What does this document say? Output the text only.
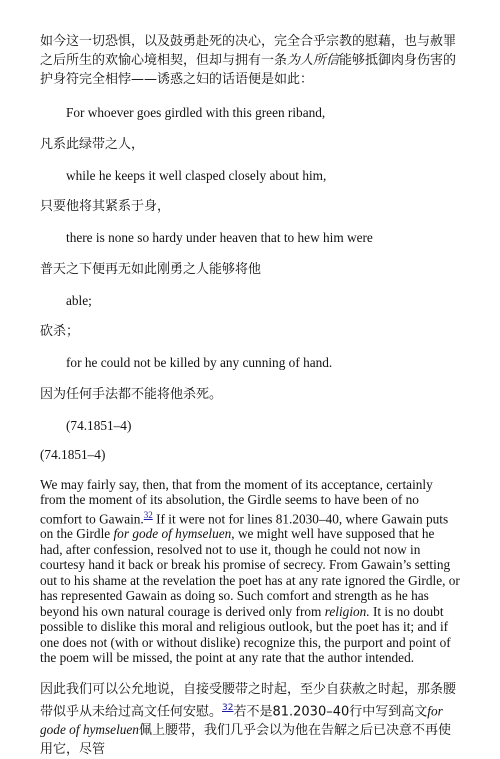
如今这一切恐惧，以及鼓勇赴死的决心，完全合乎宗教的慰藉，也与赦罪之后所生的欢愉心境相契，但却与拥有一条为人所信能够抵御肉身伤害的护身符完全相悖——诱惑之妇的话语便是如此：

For whoever goes girdled with this green riband,

凡系此绿带之人，

while he keeps it well clasped closely about him,

只要他将其紧系于身，

there is none so hardy under heaven that to hew him were

普天之下便再无如此刚勇之人能够将他

able;

砍杀；

for he could not be killed by any cunning of hand.

因为任何手法都不能将他杀死。

(74.1851–4)

(74.1851–4)

We may fairly say, then, that from the moment of its acceptance, certainly from the moment of its absolution, the Girdle seems to have been of no comfort to Gawain.$^{32}$ If it were not for lines 81.2030–40, where Gawain puts on the Girdle for gode of hymseluen, we might well have supposed that he had, after confession, resolved not to use it, though he could not now in courtesy hand it back or break his promise of secrecy. From Gawain’s setting out to his shame at the revelation the poet has at any rate ignored the Girdle, or has represented Gawain as doing so. Such comfort and strength as he has beyond his own natural courage is derived only from religion. It is no doubt possible to dislike this moral and religious outlook, but the poet has it; and if one does not (with or without dislike) recognize this, the purport and point of the poem will be missed, the point at any rate that the author intended.

因此我们可以公允地说，自接受腰带之时起，至少自获赦之时起，那条腰带似乎从未给过高文任何安慰。$^{32}$若不是81.2030–40行中写到高文for gode of hymseluen佩上腰带，我们几乎会以为他在告解之后已决意不再使用它，尽管
